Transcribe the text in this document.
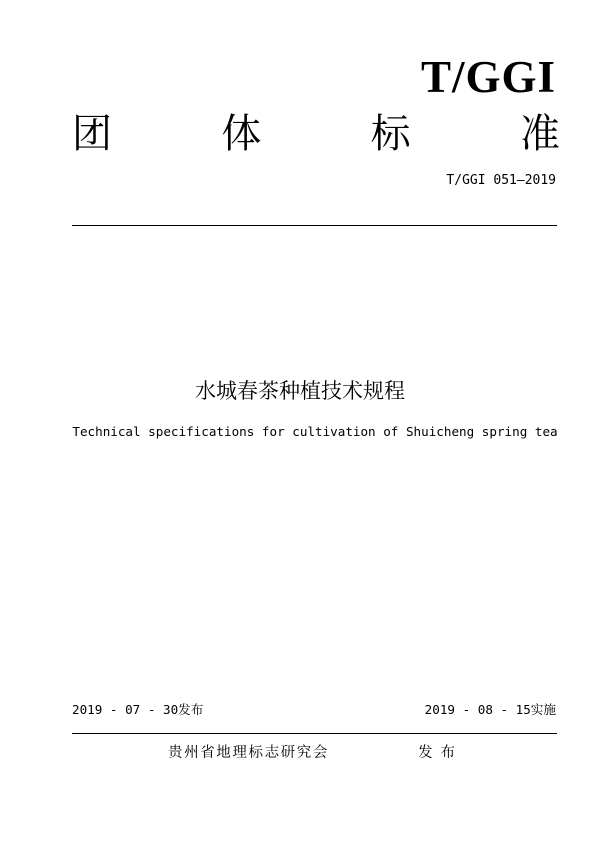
T/GGI
团	体	标	准
T/GGI 051—2019
水城春茶种植技术规程
Technical specifications for cultivation of Shuicheng spring tea
2019 - 07 - 30发布	2019 - 08 - 15实施
贵州省地理标志研究会	发布
